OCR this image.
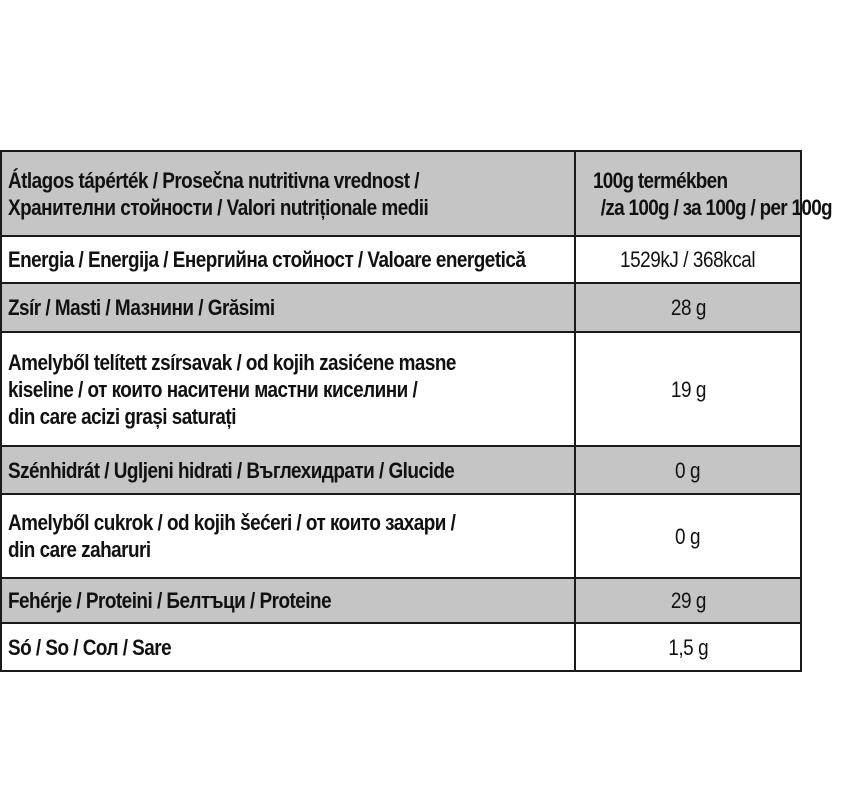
Átlagos tápérték / Prosečna nutritivna vrednost /
Хранителни стойности / Valori nutriționale medii	100g termékben
/za 100g / за 100g / per 100g

Energia / Energija / Енергийна стойност / Valoare energetică	1529kJ / 368kcal
Zsír / Masti / Мазнини / Grăsimi	28 g

Amelyből telített zsírsavak / od kojih zasićene masne
kiseline / от които наситени мастни киселини /
din care acizi grași saturați	19 g
Szénhidrát / Ugljeni hidrati / Въглехидрати / Glucide	0 g

Amelyből cukrok / od kojih šećeri / от които захари /
din care zaharuri	0 g
Fehérje / Proteini / Белтъци / Proteine	29 g
Só / So / Сол / Sare	1,5 g
